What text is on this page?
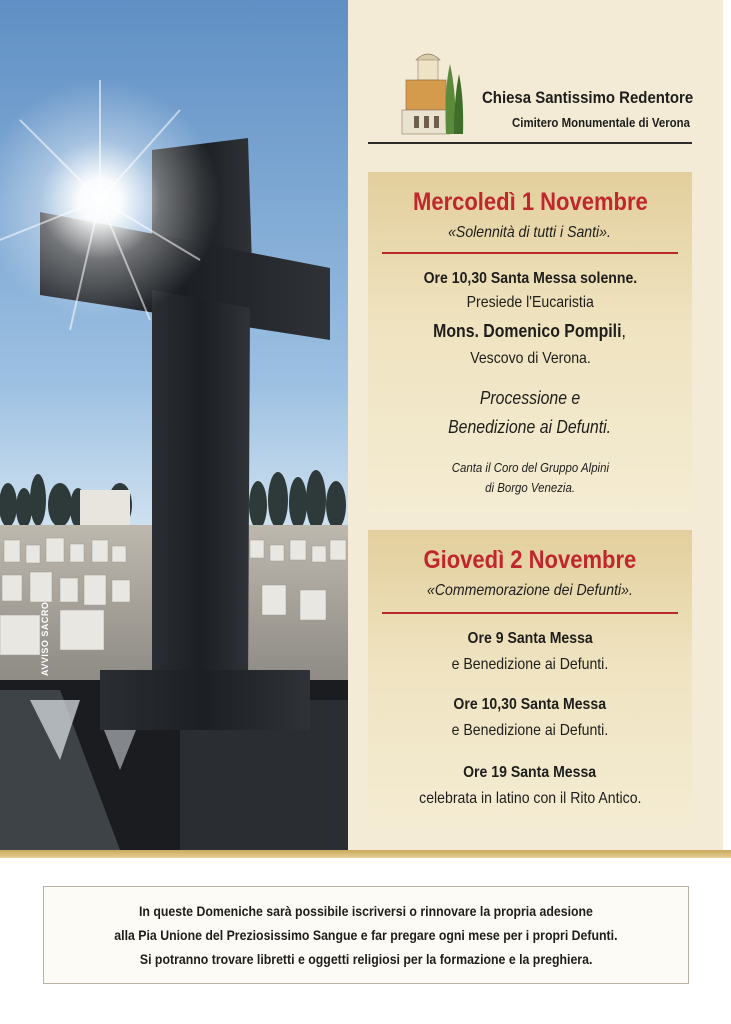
AVVISO SACRO
Chiesa Santissimo Redentore
Cimitero Monumentale di Verona
Mercoledì 1 Novembre
«Solennità di tutti i Santi».
Ore 10,30 Santa Messa solenne.
Presiede l'Eucaristia
Mons. Domenico Pompili,
Vescovo di Verona.
Processione e
Benedizione ai Defunti.
Canta il Coro del Gruppo Alpini
di Borgo Venezia.
Giovedì 2 Novembre
«Commemorazione dei Defunti».
Ore 9 Santa Messa
e Benedizione ai Defunti.
Ore 10,30 Santa Messa
e Benedizione ai Defunti.
Ore 19 Santa Messa
celebrata in latino con il Rito Antico.
In queste Domeniche sarà possibile iscriversi o rinnovare la propria adesione
alla Pia Unione del Preziosissimo Sangue e far pregare ogni mese per i propri Defunti.
Si potranno trovare libretti e oggetti religiosi per la formazione e la preghiera.
